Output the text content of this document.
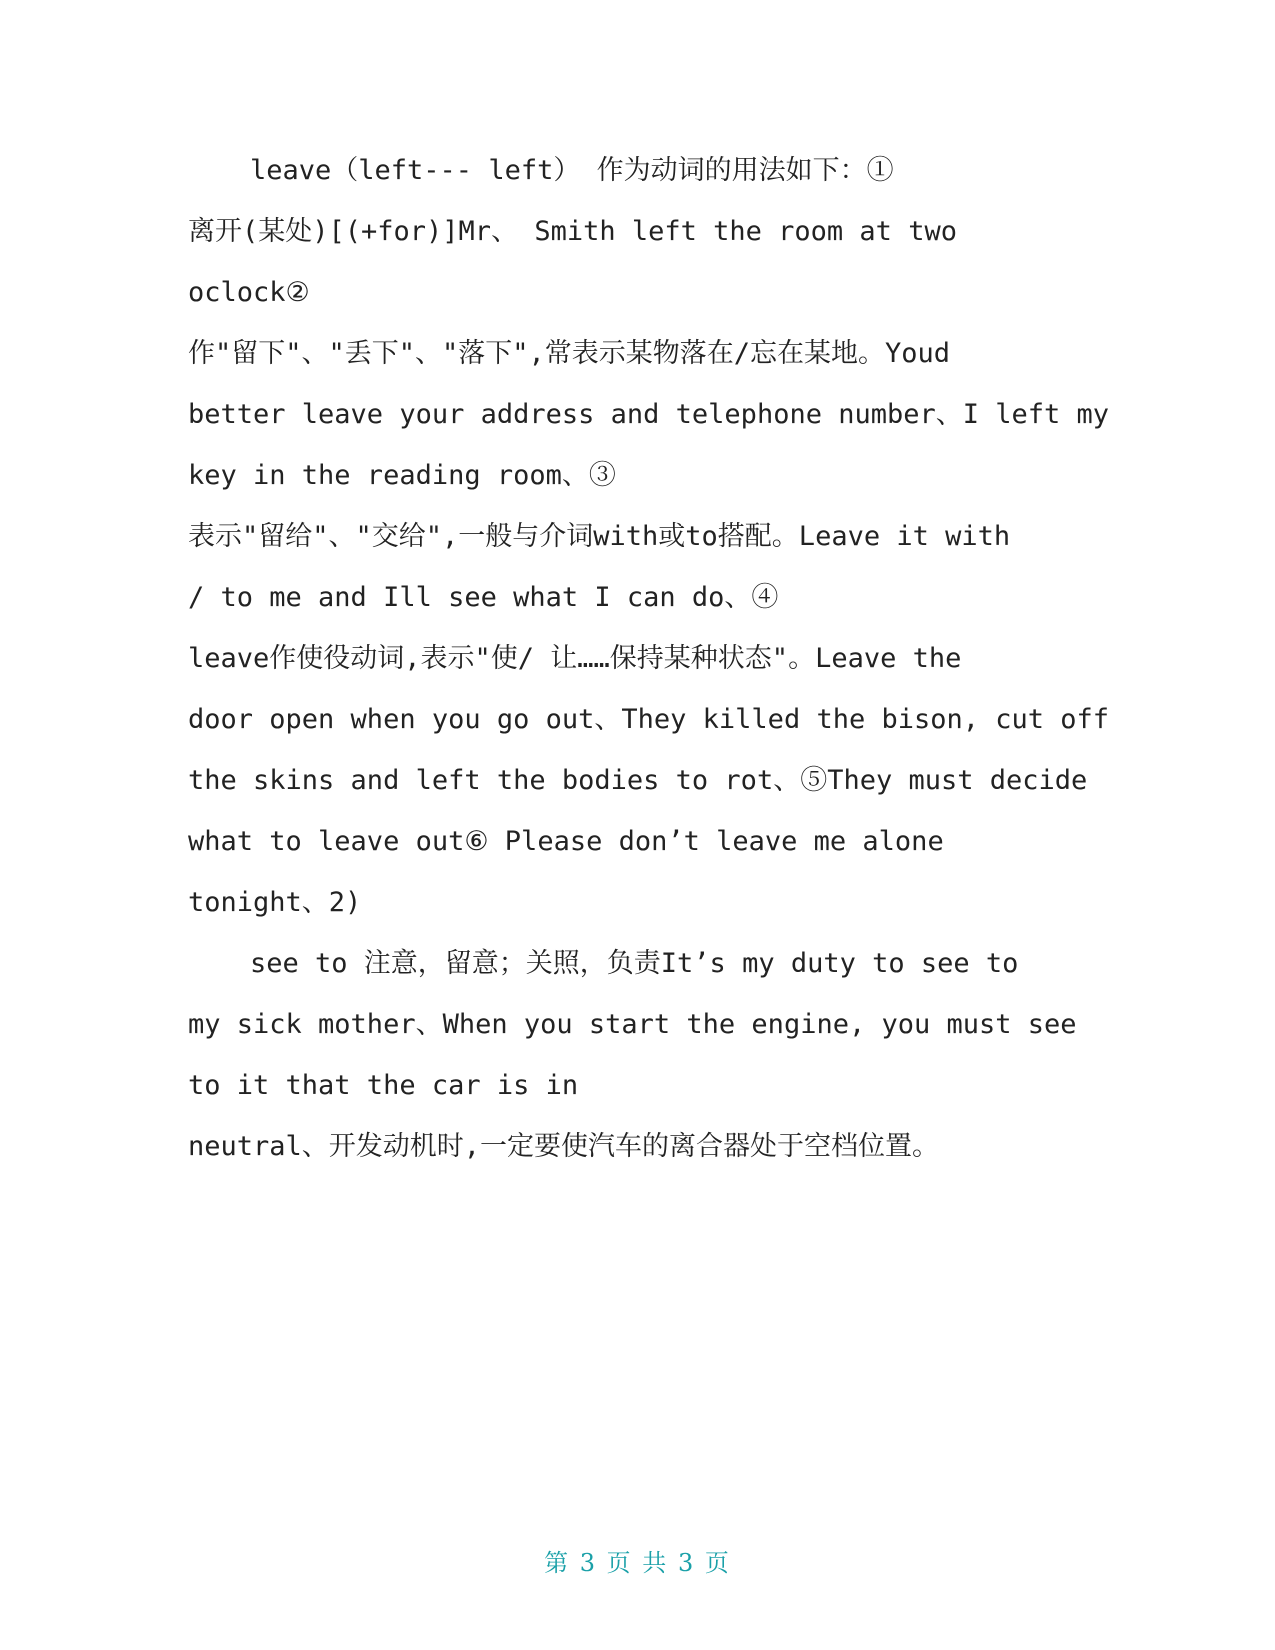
leave（left--- left） 作为动词的用法如下：①
离开(某处)[(+for)]Mr、 Smith left the room at two
oclock②
作"留下"、"丢下"、"落下",常表示某物落在/忘在某地。Youd
better leave your address and telephone number、I left my
key in the reading room、③
表示"留给"、"交给",一般与介词with或to搭配。Leave it with
/ to me and Ill see what I can do、④
leave作使役动词,表示"使/ 让……保持某种状态"。Leave the
door open when you go out、They killed the bison, cut off
the skins and left the bodies to rot、⑤They must decide
what to leave out⑥ Please don’t leave me alone
tonight、2)
see to 注意，留意；关照，负责It’s my duty to see to
my sick mother、When you start the engine, you must see
to it that the car is in
neutral、开发动机时,一定要使汽车的离合器处于空档位置。
第 3 页 共 3 页
